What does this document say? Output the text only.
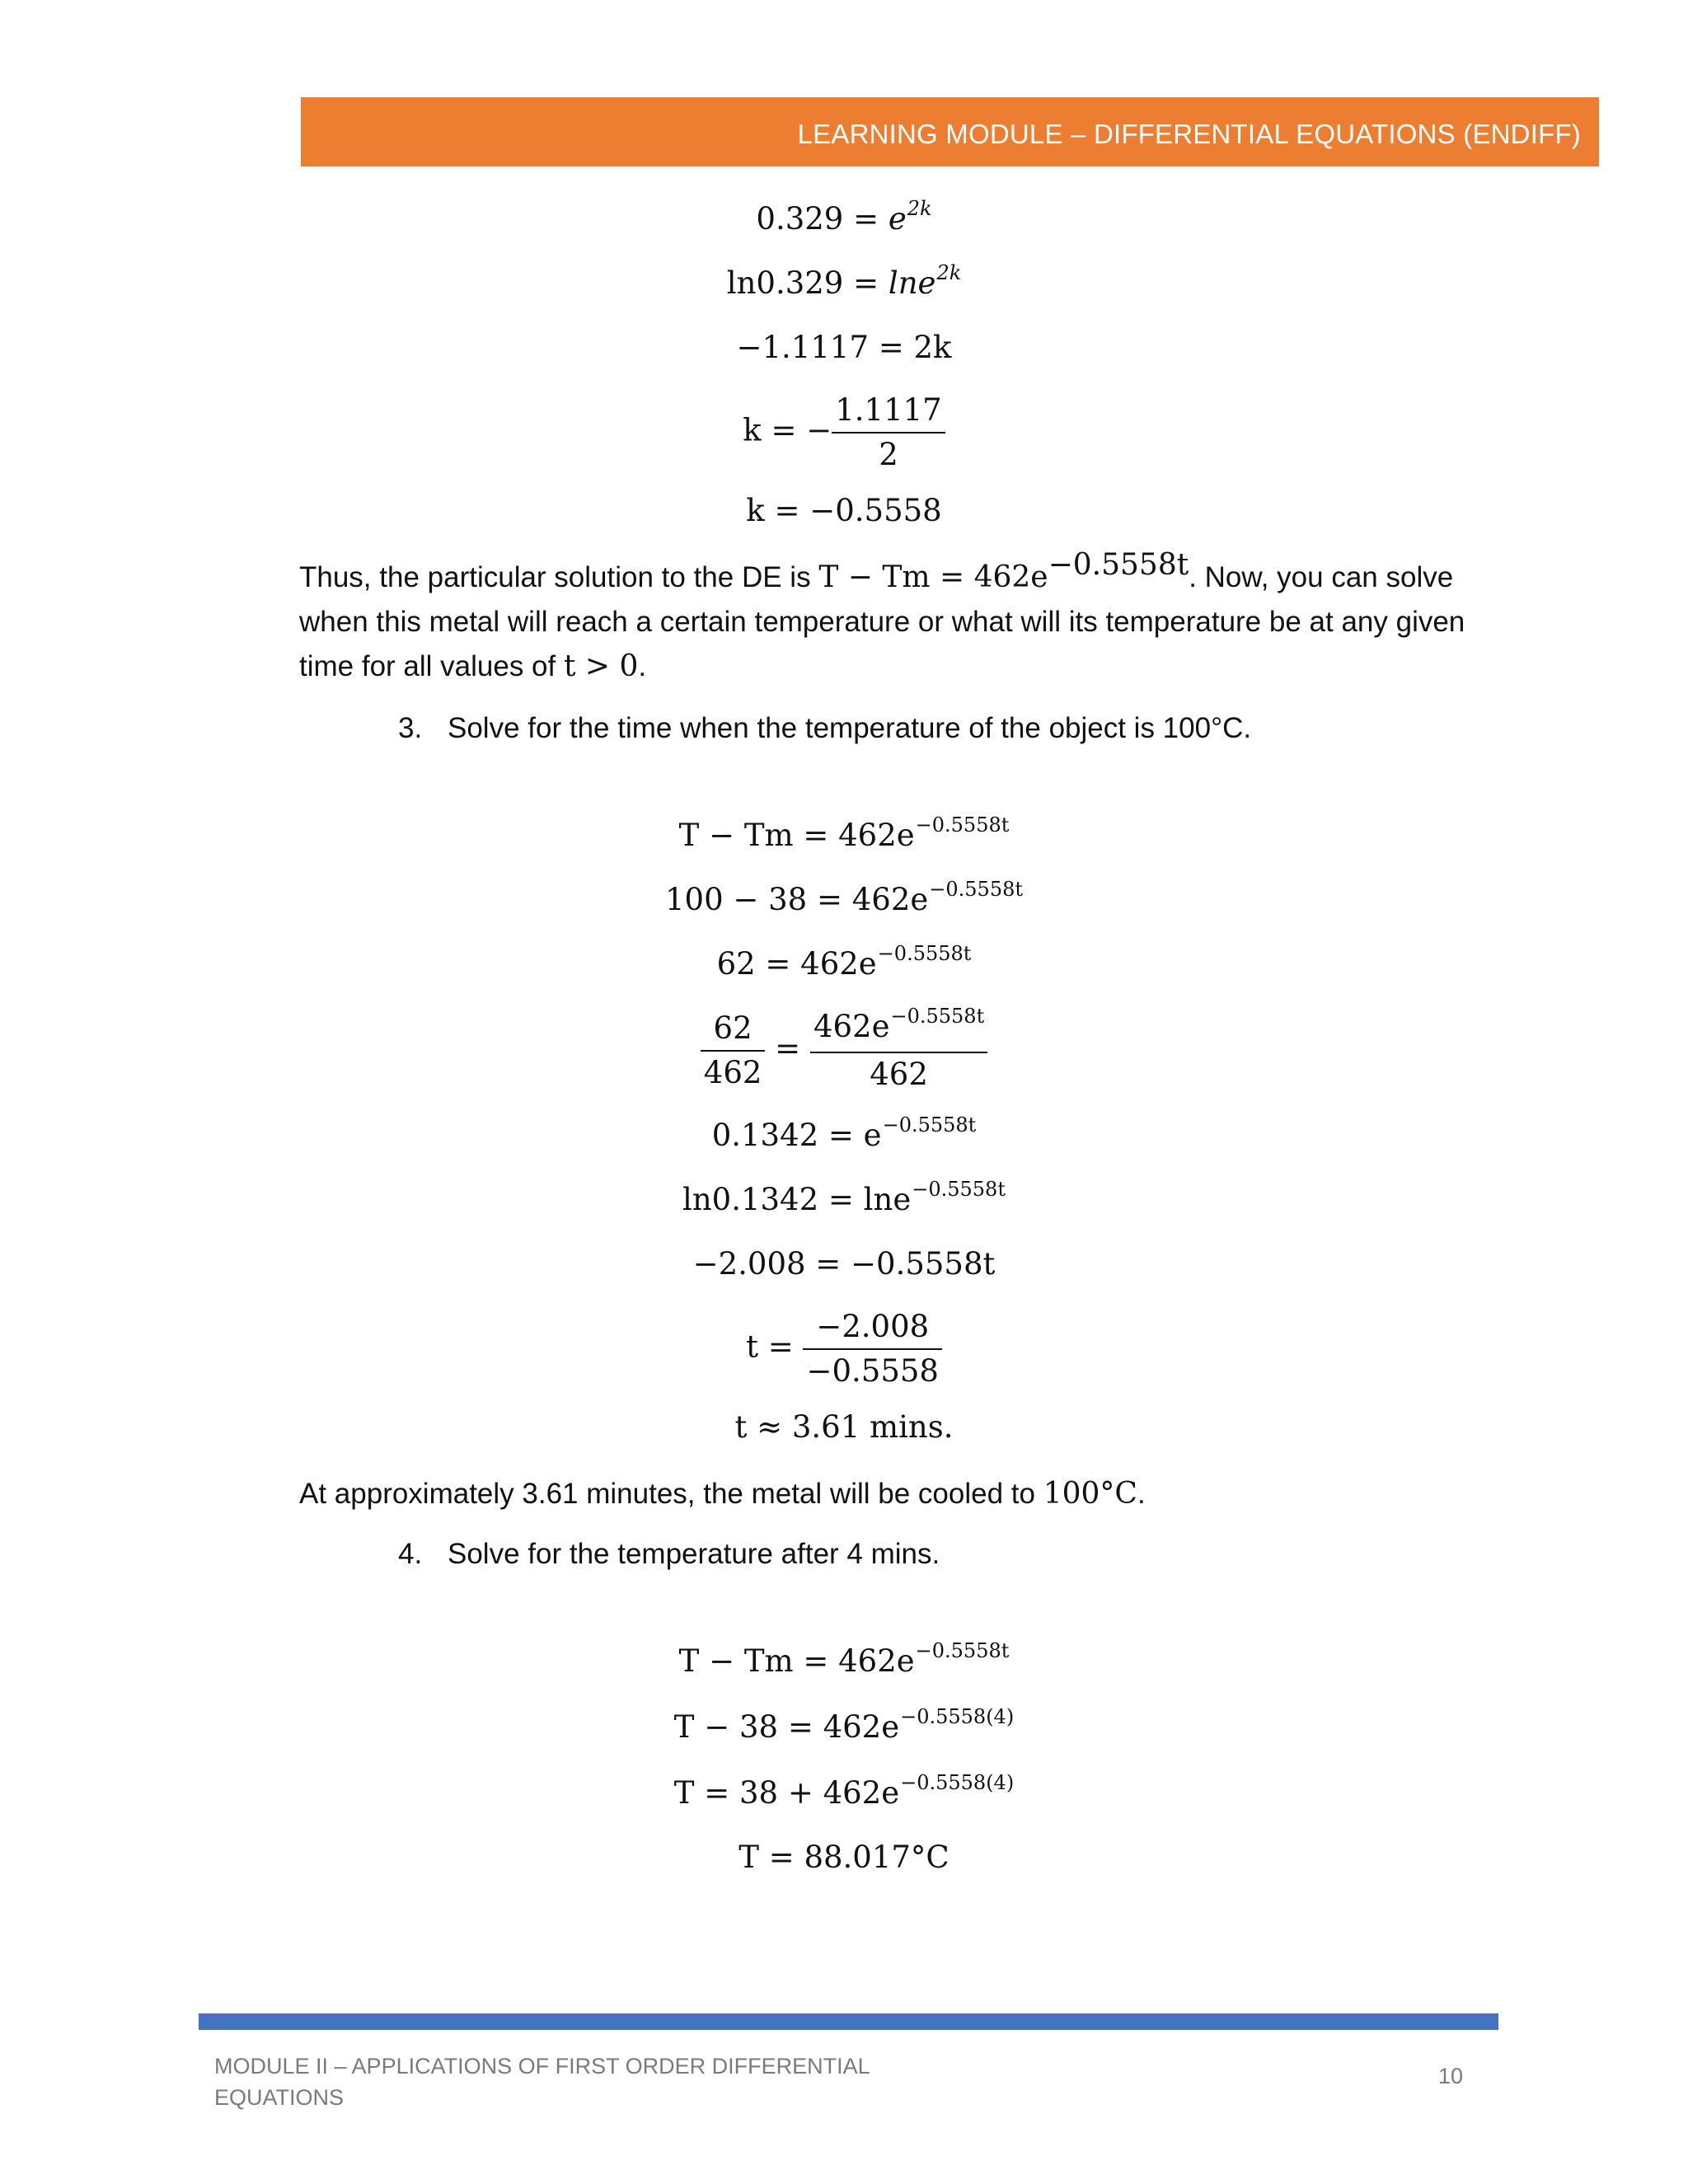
LEARNING MODULE – DIFFERENTIAL EQUATIONS (ENDIFF)
$0.329 = e^{2k}$
ln0.329 = lne$^{2k}$
−1.1117 = 2k
k = − $\frac{1.1117}{2}$
k = −0.5558
Thus, the particular solution to the DE is $T - Tm = 462e^{-0.5558t}$. Now, you can solve when this metal will reach a certain temperature or what will its temperature be at any given time for all values of t > 0.
3. Solve for the time when the temperature of the object is 100°C.
$T - Tm = 462e^{-0.5558t}$
$100 - 38 = 462e^{-0.5558t}$
$62 = 462e^{-0.5558t}$
$\frac{62}{462} = \frac{462e^{-0.5558t}}{462}$
$0.1342 = e^{-0.5558t}$
ln0.1342 = lne$^{-0.5558t}$
−2.008 = −0.5558t
$t = \frac{-2.008}{-0.5558}$
t ≈ 3.61 mins.
At approximately 3.61 minutes, the metal will be cooled to 100°C.
4. Solve for the temperature after 4 mins.
$T - Tm = 462e^{-0.5558t}$
$T - 38 = 462e^{-0.5558(4)}$
$T = 38 + 462e^{-0.5558(4)}$
T = 88.017°C
MODULE II – APPLICATIONS OF FIRST ORDER DIFFERENTIAL EQUATIONS
10
